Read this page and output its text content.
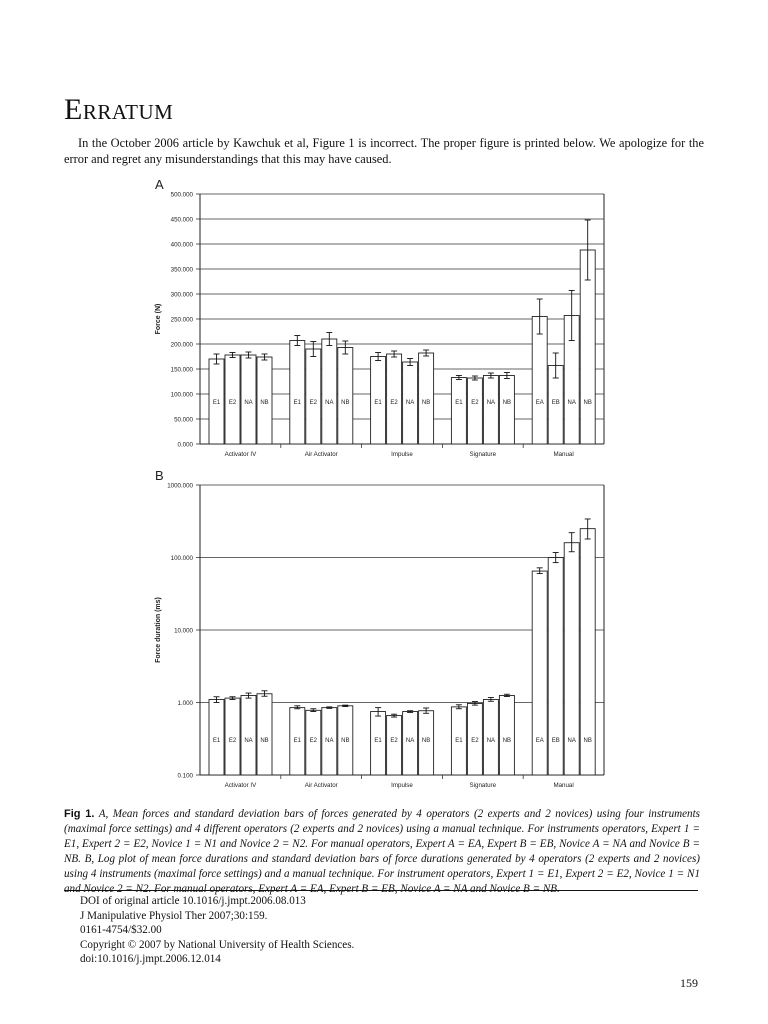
Erratum

In the October 2006 article by Kawchuk et al, Figure 1 is incorrect. The proper figure is printed below. We apologize for the error and regret any misunderstandings that this may have caused.

A
0.000
50.000
100.000
150.000
200.000
250.000
300.000
350.000
400.000
450.000
500.000
Force (N)
Activator IV
E1 E2 NA NB
Air Activator
E1 E2 NA NB
Impulse
E1 E2 NA NB
Signature
E1 E2 NA NB
Manual
EA EB NA NB
B
0.100
1.000
10.000
100.000
1000.000
Force duration (ms)
Activator IV
E1 E2 NA NB
Air Activator
E1 E2 NA NB
Impulse
E1 E2 NA NB
Signature
E1 E2 NA NB
Manual
EA EB NA NB

Fig 1. A, Mean forces and standard deviation bars of forces generated by 4 operators (2 experts and 2 novices) using four instruments (maximal force settings) and 4 different operators (2 experts and 2 novices) using a manual technique. For instruments operators, Expert 1 = E1, Expert 2 = E2, Novice 1 = N1 and Novice 2 = N2. For manual operators, Expert A = EA, Expert B = EB, Novice A = NA and Novice B = NB. B, Log plot of mean force durations and standard deviation bars of force durations generated by 4 operators (2 experts and 2 novices) using 4 instruments (maximal force settings) and a manual technique. For instrument operators, Expert 1 = E1, Expert 2 = E2, Novice 1 = N1 and Novice 2 = N2. For manual operators, Expert A = EA, Expert B = EB, Novice A = NA and Novice B = NB.

DOI of original article 10.1016/j.jmpt.2006.08.013
J Manipulative Physiol Ther 2007;30:159.
0161-4754/$32.00
Copyright © 2007 by National University of Health Sciences.
doi:10.1016/j.jmpt.2006.12.014
159
